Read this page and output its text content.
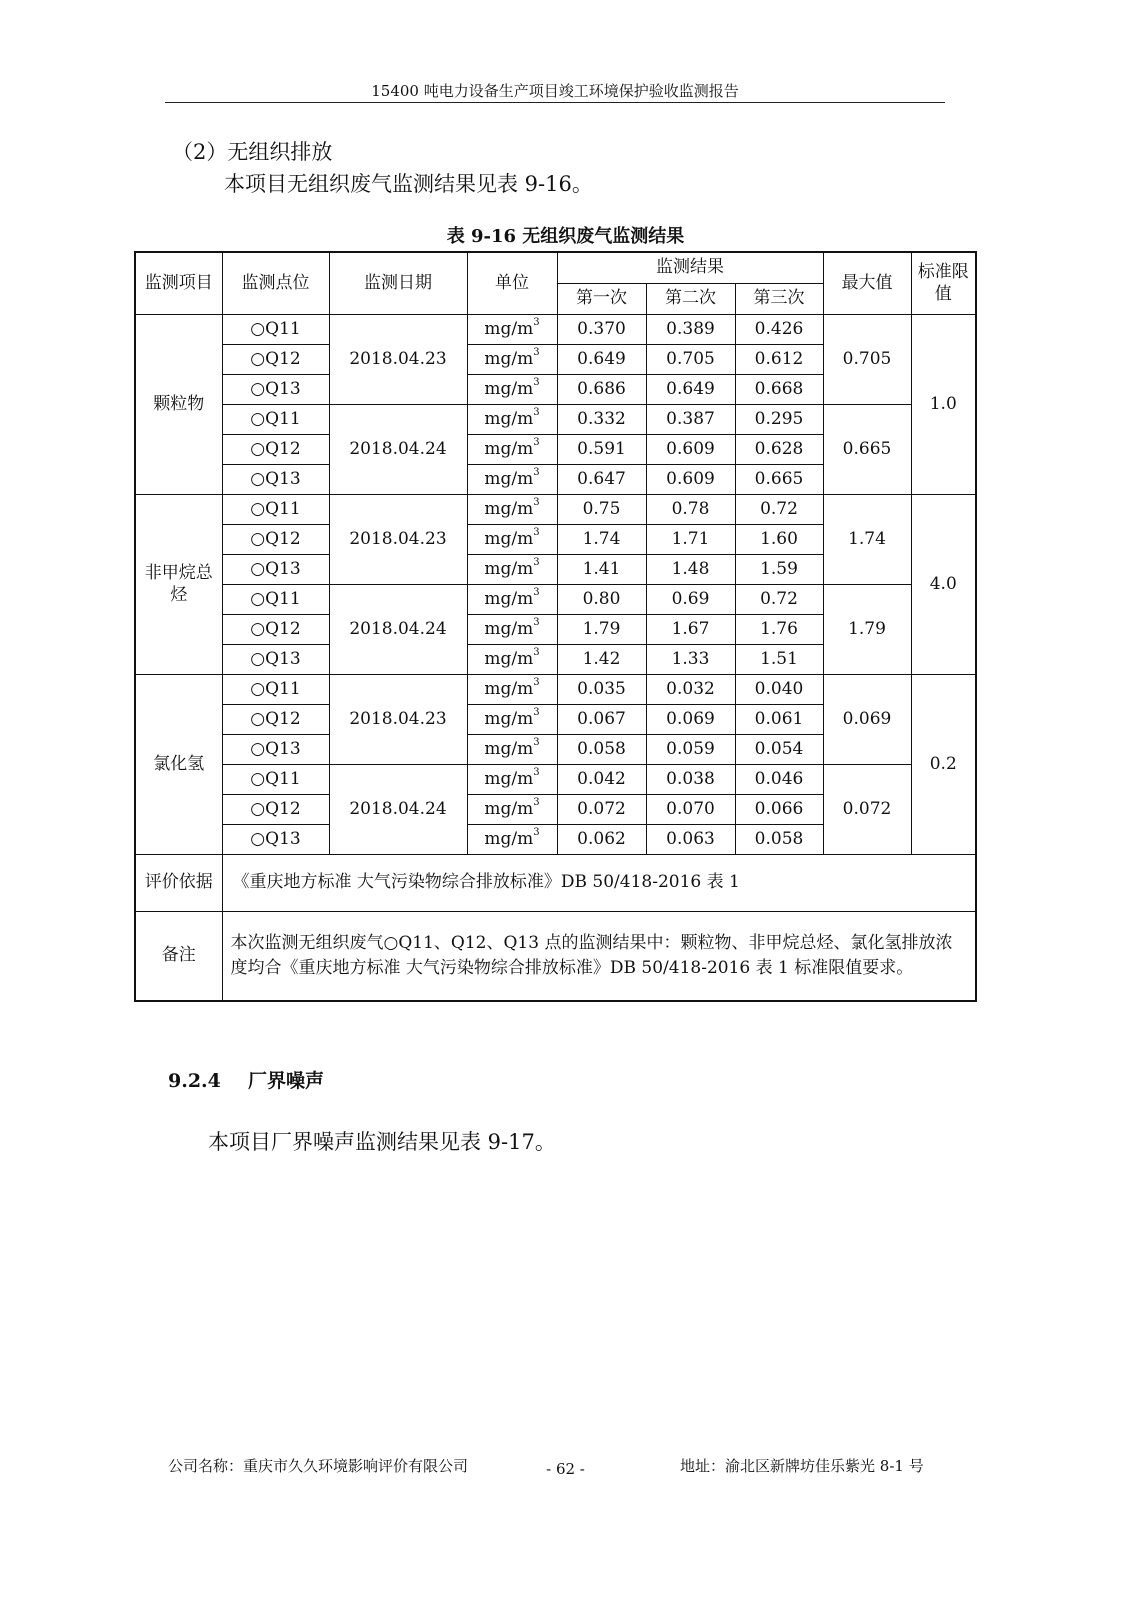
15400 吨电力设备生产项目竣工环境保护验收监测报告
（2）无组织排放
本项目无组织废气监测结果见表 9-16。
表 9-16 无组织废气监测结果
监测项目	监测点位	监测日期	单位	监测结果			最大值	标准限值
				第一次	第二次	第三次		
颗粒物	○Q11	2018.04.23	$mg/m^3$	0.370	0.389	0.426	0.705	1.0
	○Q12		$mg/m^3$	0.649	0.705	0.612		
	○Q13		$mg/m^3$	0.686	0.649	0.668		
	○Q11	2018.04.24	$mg/m^3$	0.332	0.387	0.295	0.665	
	○Q12		$mg/m^3$	0.591	0.609	0.628		
	○Q13		$mg/m^3$	0.647	0.609	0.665		
非甲烷总烃	○Q11	2018.04.23	$mg/m^3$	0.75	0.78	0.72	1.74	4.0
	○Q12		$mg/m^3$	1.74	1.71	1.60		
	○Q13		$mg/m^3$	1.41	1.48	1.59		
	○Q11	2018.04.24	$mg/m^3$	0.80	0.69	0.72	1.79	
	○Q12		$mg/m^3$	1.79	1.67	1.76		
	○Q13		$mg/m^3$	1.42	1.33	1.51		
氯化氢	○Q11	2018.04.23	$mg/m^3$	0.035	0.032	0.040	0.069	0.2
	○Q12		$mg/m^3$	0.067	0.069	0.061		
	○Q13		$mg/m^3$	0.058	0.059	0.054		
	○Q11	2018.04.24	$mg/m^3$	0.042	0.038	0.046	0.072	
	○Q12		$mg/m^3$	0.072	0.070	0.066		
	○Q13		$mg/m^3$	0.062	0.063	0.058		
评价依据	《重庆地方标准 大气污染物综合排放标准》DB 50/418-2016 表 1							
备注	本次监测无组织废气○Q11、Q12、Q13 点的监测结果中：颗粒物、非甲烷总烃、氯化氢排放浓度均合《重庆地方标准 大气污染物综合排放标准》DB 50/418-2016 表 1 标准限值要求。							
9.2.4 厂界噪声
本项目厂界噪声监测结果见表 9-17。
公司名称：重庆市久久环境影响评价有限公司	- 62 -	地址：渝北区新牌坊佳乐紫光 8-1 号
